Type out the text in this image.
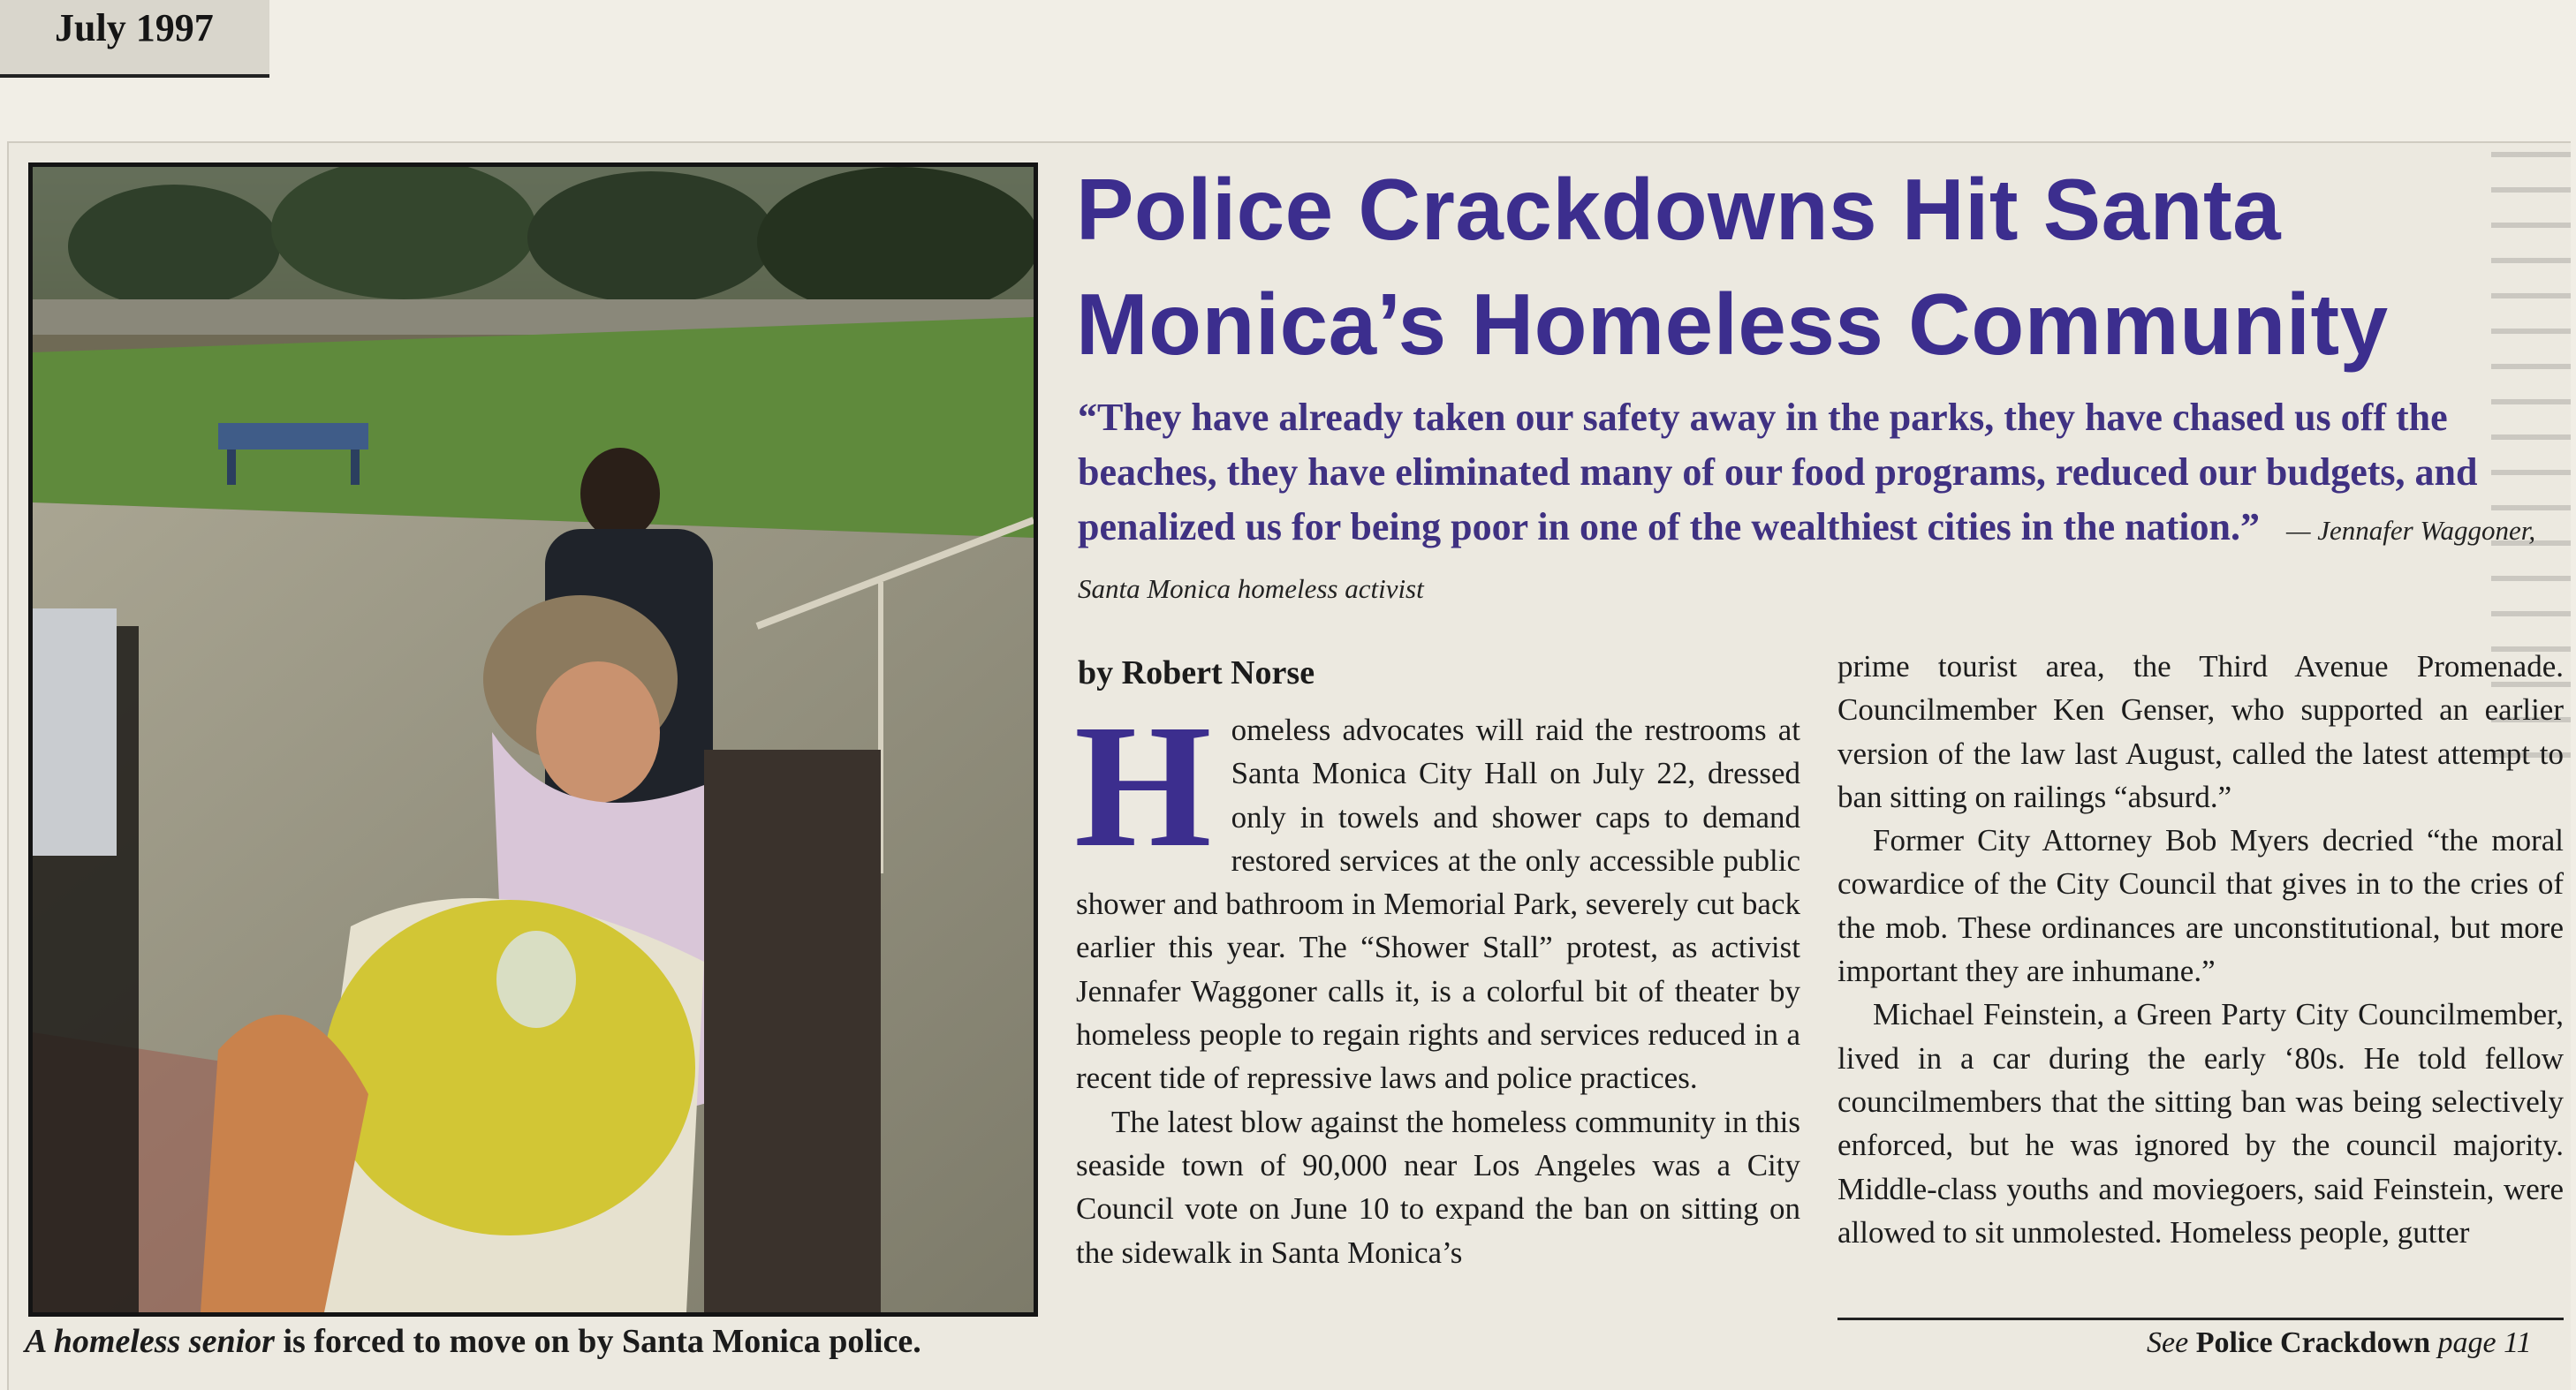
July 1997
A homeless senior is forced to move on by Santa Monica police.
Police Crackdowns Hit Santa Monica’s Homeless Community
“They have already taken our safety away in the parks, they have chased us off the beaches, they have eliminated many of our food programs, reduced our budgets, and penalized us for being poor in one of the wealthiest cities in the nation.” — Jennafer Waggoner, Santa Monica homeless activist
by Robert Norse

Homeless advocates will raid the restrooms at Santa Monica City Hall on July 22, dressed only in towels and shower caps to demand restored services at the only accessible public shower and bathroom in Memorial Park, severely cut back earlier this year. The “Shower Stall” protest, as activist Jennafer Waggoner calls it, is a colorful bit of theater by homeless people to regain rights and services reduced in a recent tide of repressive laws and police practices.

The latest blow against the homeless community in this seaside town of 90,000 near Los Angeles was a City Council vote on June 10 to expand the ban on sitting on the sidewalk in Santa Monica’s

prime tourist area, the Third Avenue Promenade. Councilmember Ken Genser, who supported an earlier version of the law last August, called the latest attempt to ban sitting on railings “absurd.”

Former City Attorney Bob Myers decried “the moral cowardice of the City Council that gives in to the cries of the mob. These ordinances are unconstitutional, but more important they are inhumane.”

Michael Feinstein, a Green Party City Councilmember, lived in a car during the early ‘80s. He told fellow councilmembers that the sitting ban was being selectively enforced, but he was ignored by the council majority. Middle-class youths and moviegoers, said Feinstein, were allowed to sit unmolested. Homeless people, gutter

See Police Crackdown page 11
